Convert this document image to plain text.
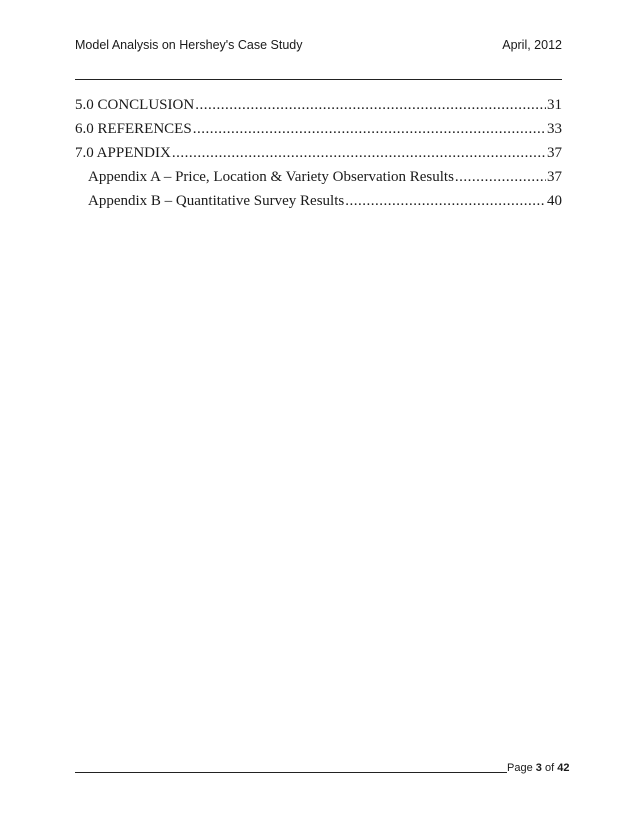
Model Analysis on Hershey's Case Study	April, 2012
5.0 CONCLUSION .....	31
6.0 REFERENCES .....	33
7.0 APPENDIX .....	37
Appendix A – Price, Location & Variety Observation Results .....	37
Appendix B – Quantitative Survey Results .....	40
Page 3 of 42
